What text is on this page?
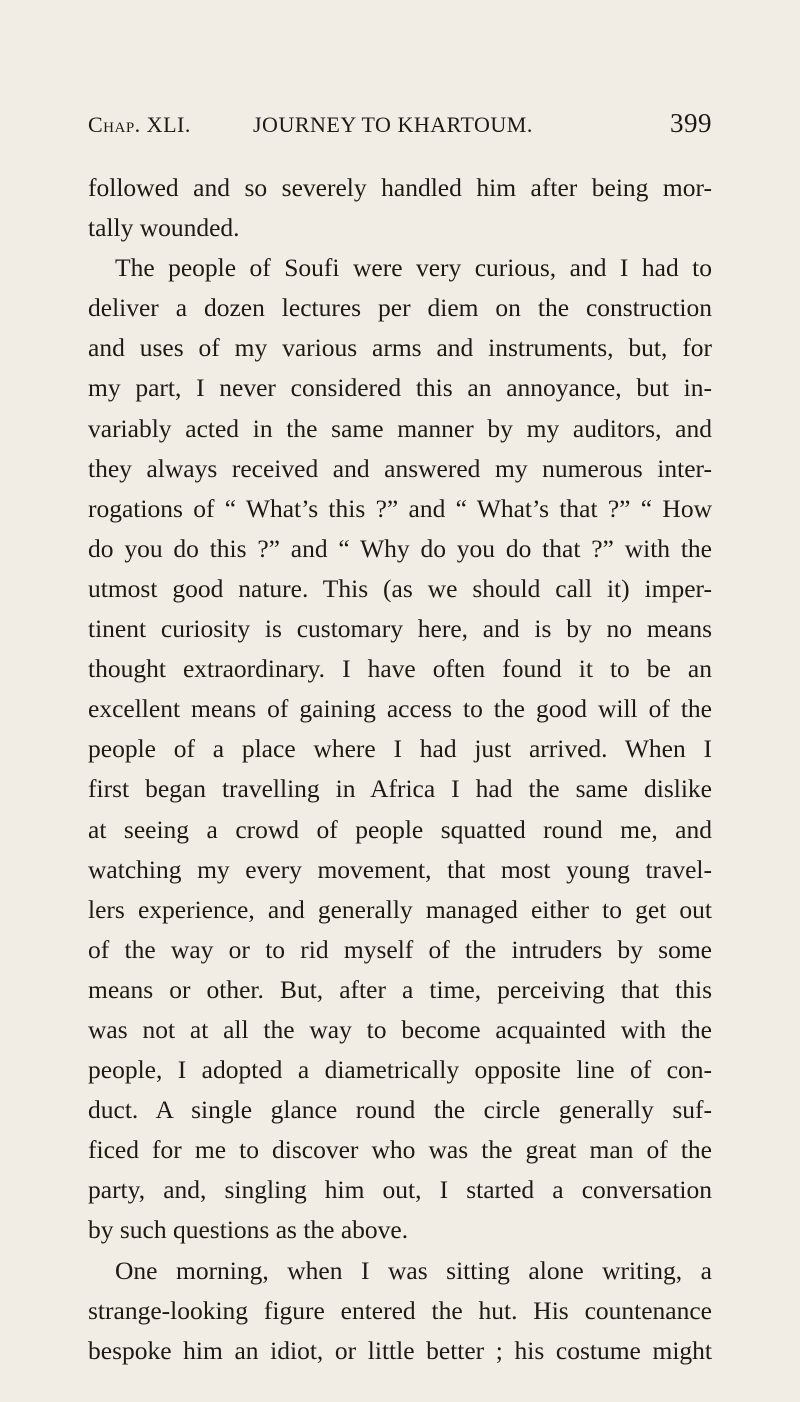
Chap. XLI.	JOURNEY TO KHARTOUM.	399
followed and so severely handled him after being mor-
tally wounded.
The people of Soufi were very curious, and I had to
deliver a dozen lectures per diem on the construction
and uses of my various arms and instruments, but, for
my part, I never considered this an annoyance, but in-
variably acted in the same manner by my auditors, and
they always received and answered my numerous inter-
rogations of “ What’s this ?” and “ What’s that ?” “ How
do you do this ?” and “ Why do you do that ?” with the
utmost good nature. This (as we should call it) imper-
tinent curiosity is customary here, and is by no means
thought extraordinary. I have often found it to be an
excellent means of gaining access to the good will of the
people of a place where I had just arrived. When I
first began travelling in Africa I had the same dislike
at seeing a crowd of people squatted round me, and
watching my every movement, that most young travel-
lers experience, and generally managed either to get out
of the way or to rid myself of the intruders by some
means or other. But, after a time, perceiving that this
was not at all the way to become acquainted with the
people, I adopted a diametrically opposite line of con-
duct. A single glance round the circle generally suf-
ficed for me to discover who was the great man of the
party, and, singling him out, I started a conversation
by such questions as the above.
One morning, when I was sitting alone writing, a
strange-looking figure entered the hut. His countenance
bespoke him an idiot, or little better ; his costume might
